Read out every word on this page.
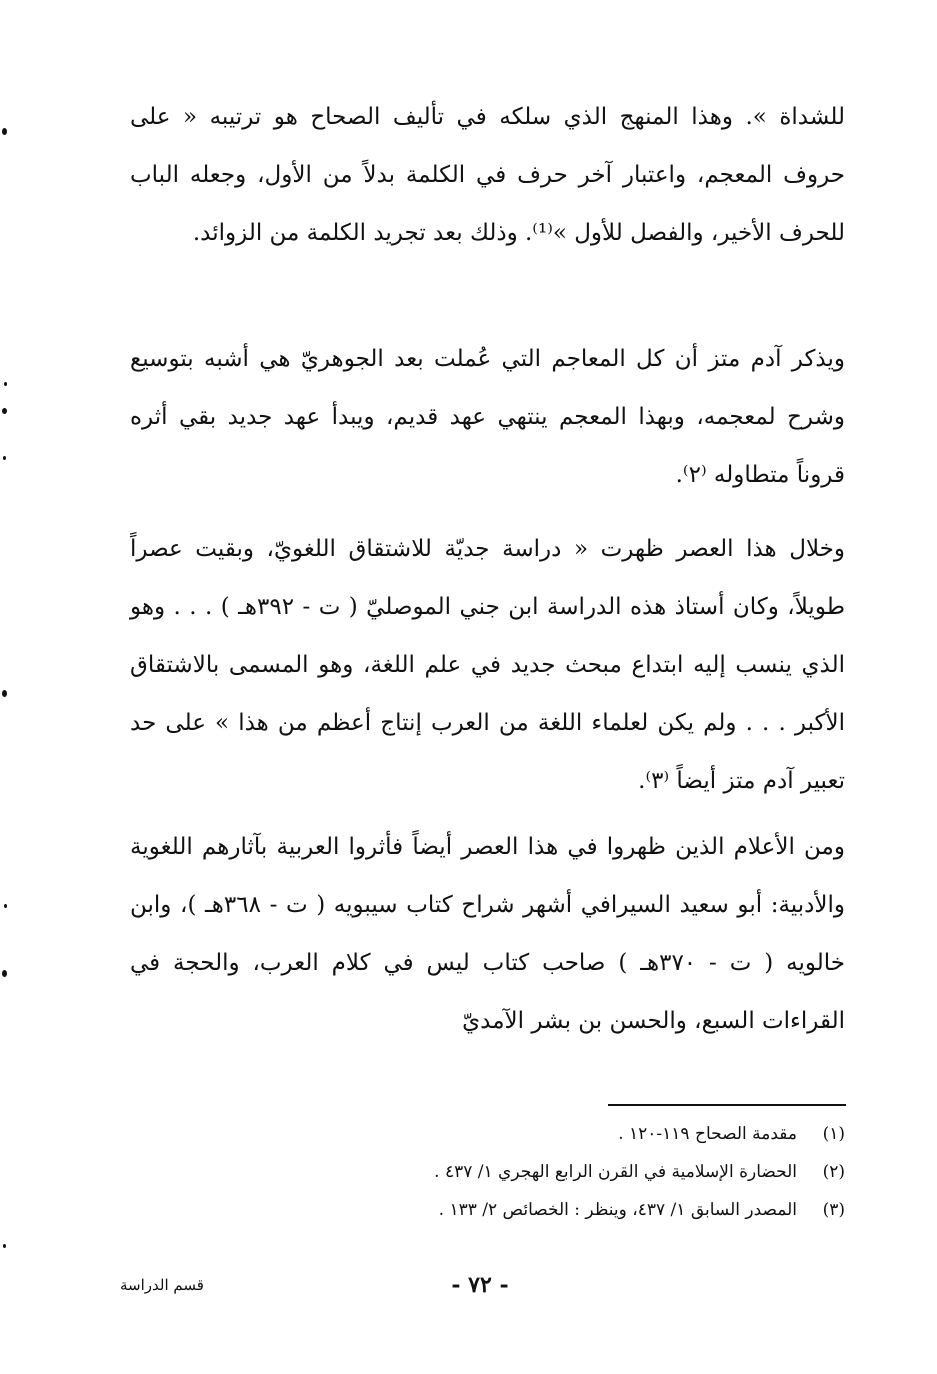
للشداة ». وهذا المنهج الذي سلكه في تأليف الصحاح هو ترتيبه « على حروف المعجم، واعتبار آخر حرف في الكلمة بدلاً من الأول، وجعله الباب للحرف الأخير، والفصل للأول »⁽¹⁾. وذلك بعد تجريد الكلمة من الزوائد.

ويذكر آدم متز أن كل المعاجم التي عُملت بعد الجوهريّ هي أشبه بتوسيع وشرح لمعجمه، وبهذا المعجم ينتهي عهد قديم، ويبدأ عهد جديد بقي أثره قروناً متطاوله ⁽٢⁾.

وخلال هذا العصر ظهرت « دراسة جديّة للاشتقاق اللغويّ، وبقيت عصراً طويلاً، وكان أستاذ هذه الدراسة ابن جني الموصليّ ( ت - ٣٩٢هـ ) . . . وهو الذي ينسب إليه ابتداع مبحث جديد في علم اللغة، وهو المسمى بالاشتقاق الأكبر . . . ولم يكن لعلماء اللغة من العرب إنتاج أعظم من هذا » على حد تعبير آدم متز أيضاً ⁽٣⁾.

ومن الأعلام الذين ظهروا في هذا العصر أيضاً فأثروا العربية بآثارهم اللغوية والأدبية: أبو سعيد السيرافي أشهر شراح كتاب سيبويه ( ت - ٣٦٨هـ )، وابن خالويه ( ت - ٣٧٠هـ ) صاحب كتاب ليس في كلام العرب، والحجة في القراءات السبع، والحسن بن بشر الآمديّ

(١)
مقدمة الصحاح ١١٩-١٢٠ .
(٢)
الحضارة الإسلامية في القرن الرابع الهجري ١/ ٤٣٧ .
(٣)
المصدر السابق ١/ ٤٣٧، وينظر : الخصائص ٢/ ١٣٣ .
- ٧٢ -
قسم الدراسة
